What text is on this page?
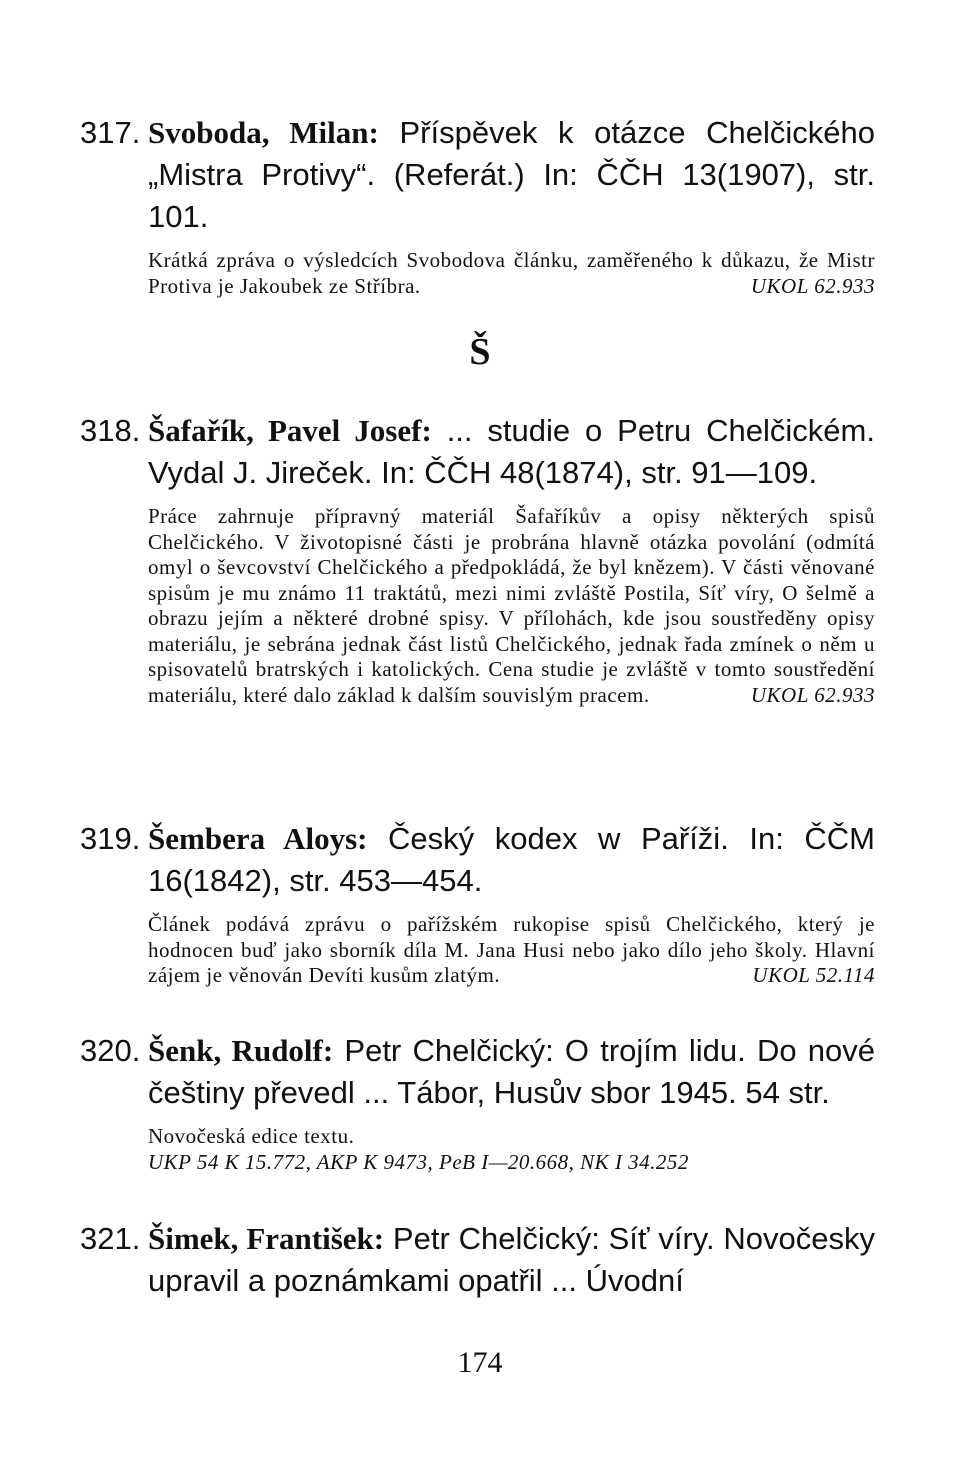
317. Svoboda, Milan: Příspěvek k otázce Chelčického „Mistra Protivy“. (Referát.) In: ČČH 13(1907), str. 101.
Krátká zpráva o výsledcích Svobodova článku, zaměřeného k důkazu, že Mistr Protiva je Jakoubek ze Stříbra.	UKOL 62.933
Š
318. Šafařík, Pavel Josef: ... studie o Petru Chelčickém. Vydal J. Jireček. In: ČČH 48(1874), str. 91—109.
Práce zahrnuje přípravný materiál Šafaříkův a opisy některých spisů Chelčického. V životopisné části je probrána hlavně otázka povolání (odmítá omyl o ševcovství Chelčického a předpokládá, že byl knězem). V části věnované spisům je mu známo 11 traktátů, mezi nimi zvláště Postila, Síť víry, O šelmě a obrazu jejím a některé drobné spisy. V přílohách, kde jsou soustředěny opisy materiálu, je sebrána jednak část listů Chelčického, jednak řada zmínek o něm u spisovatelů bratrských i katolických. Cena studie je zvláště v tomto soustředění materiálu, které dalo základ k dalším souvislým pracem.	UKOL 62.933
319. Šembera Aloys: Český kodex w Paříži. In: ČČM 16(1842), str. 453—454.
Článek podává zprávu o pařížském rukopise spisů Chelčického, který je hodnocen buď jako sborník díla M. Jana Husi nebo jako dílo jeho školy. Hlavní zájem je věnován Devíti kusům zlatým.	UKOL 52.114
320. Šenk, Rudolf: Petr Chelčický: O trojím lidu. Do nové češtiny převedl ... Tábor, Husův sbor 1945. 54 str.
Novočeská edice textu.
UKP 54 K 15.772, AKP K 9473, PeB I—20.668, NK I 34.252
321. Šimek, František: Petr Chelčický: Síť víry. Novočesky upravil a poznámkami opatřil ... Úvodní
174
